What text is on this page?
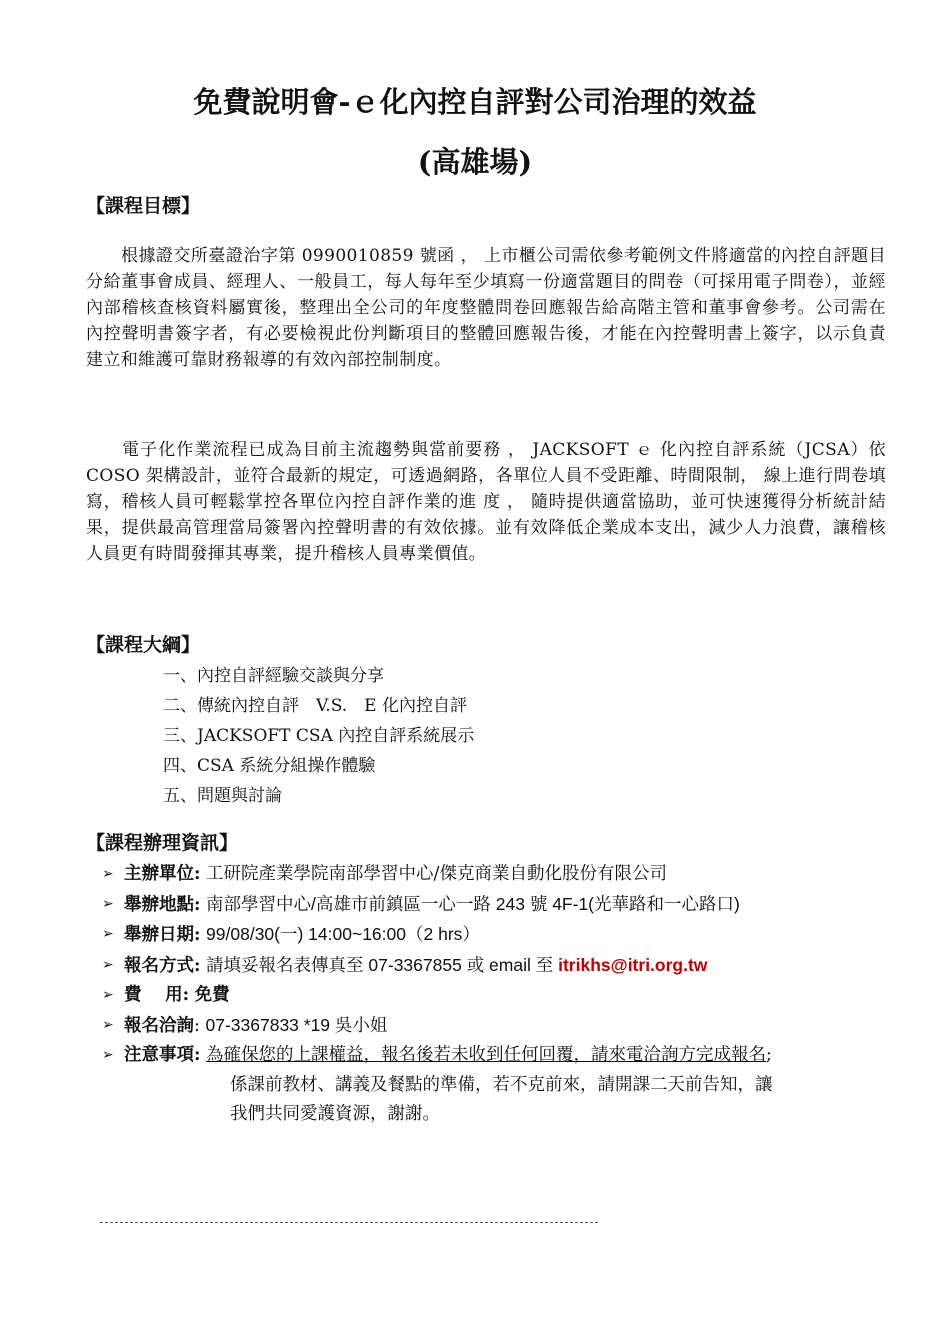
免費說明會-ｅ化內控自評對公司治理的效益
(高雄場)
【課程目標】

　　根據證交所臺證治字第 0990010859 號函 ， 上市櫃公司需依參考範例文件將適當的內控自評題目分給董事會成員、經理人、一般員工，每人每年至少填寫一份適當題目的問卷（可採用電子問卷），並經內部稽核查核資料屬實後，整理出全公司的年度整體問卷回應報告給高階主管和董事會參考。公司需在內控聲明書簽字者，有必要檢視此份判斷項目的整體回應報告後，才能在內控聲明書上簽字，以示負責建立和維護可靠財務報導的有效內部控制制度。

　　電子化作業流程已成為目前主流趨勢與當前要務 ， JACKSOFT ｅ 化內控自評系統（JCSA）依 COSO 架構設計，並符合最新的規定，可透過網路，各單位人員不受距離、時間限制， 線上進行問卷填寫，稽核人員可輕鬆掌控各單位內控自評作業的進 度 ， 隨時提供適當協助，並可快速獲得分析統計結果，提供最高管理當局簽署內控聲明書的有效依據。並有效降低企業成本支出，減少人力浪費，讓稽核人員更有時間發揮其專業，提升稽核人員專業價值。

【課程大綱】
一、內控自評經驗交談與分享
二、傳統內控自評　V.S.　E 化內控自評
三、JACKSOFT CSA 內控自評系統展示
四、CSA 系統分組操作體驗
五、問題與討論
【課程辦理資訊】
➢ 主辦單位: 工研院產業學院南部學習中心/傑克商業自動化股份有限公司
➢ 舉辦地點: 南部學習中心/高雄市前鎮區一心一路 243 號 4F-1(光華路和一心路口)
➢ 舉辦日期: 99/08/30(一) 14:00~16:00（2 hrs）
➢ 報名方式: 請填妥報名表傳真至 07-3367855 或 email 至 itrikhs@itri.org.tw
➢ 費　 用: 免費
➢ 報名洽詢: 07-3367833 *19 吳小姐
➢ 注意事項: 為確保您的上課權益，報名後若未收到任何回覆，請來電洽詢方完成報名;
係課前教材、講義及餐點的準備，若不克前來，請開課二天前告知，讓
我們共同愛護資源，謝謝。
